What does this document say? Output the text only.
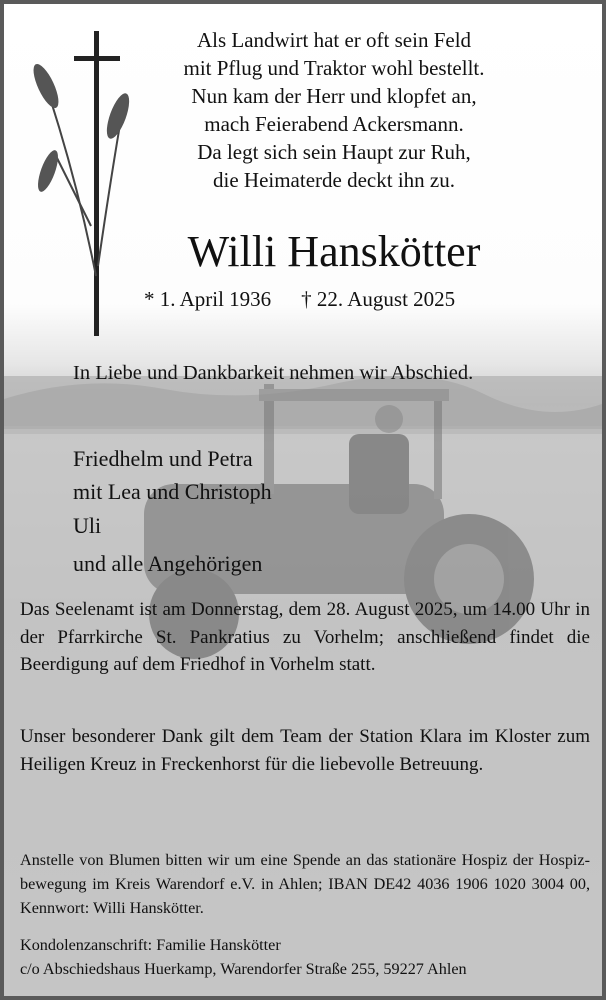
Als Landwirt hat er oft sein Feld
mit Pflug und Traktor wohl bestellt.
Nun kam der Herr und klopfet an,
mach Feierabend Ackersmann.
Da legt sich sein Haupt zur Ruh,
die Heimaterde deckt ihn zu.
Willi Hanskötter
* 1. April 1936 † 22. August 2025
In Liebe und Dankbarkeit nehmen wir Abschied.
Friedhelm und Petra
mit Lea und Christoph
Uli
und alle Angehörigen
Das Seelenamt ist am Donnerstag, dem 28. August 2025, um 14.00 Uhr in der Pfarrkirche St. Pankratius zu Vorhelm; anschließend findet die Beerdigung auf dem Friedhof in Vorhelm statt.
Unser besonderer Dank gilt dem Team der Station Klara im Kloster zum Heiligen Kreuz in Freckenhorst für die liebevolle Betreuung.
Anstelle von Blumen bitten wir um eine Spende an das stationäre Hospiz der Hospiz-bewegung im Kreis Warendorf e.V. in Ahlen; IBAN DE42 4036 1906 1020 3004 00, Kennwort: Willi Hanskötter.
Kondolenzanschrift: Familie Hanskötter
c/o Abschiedshaus Huerkamp, Warendorfer Straße 255, 59227 Ahlen
